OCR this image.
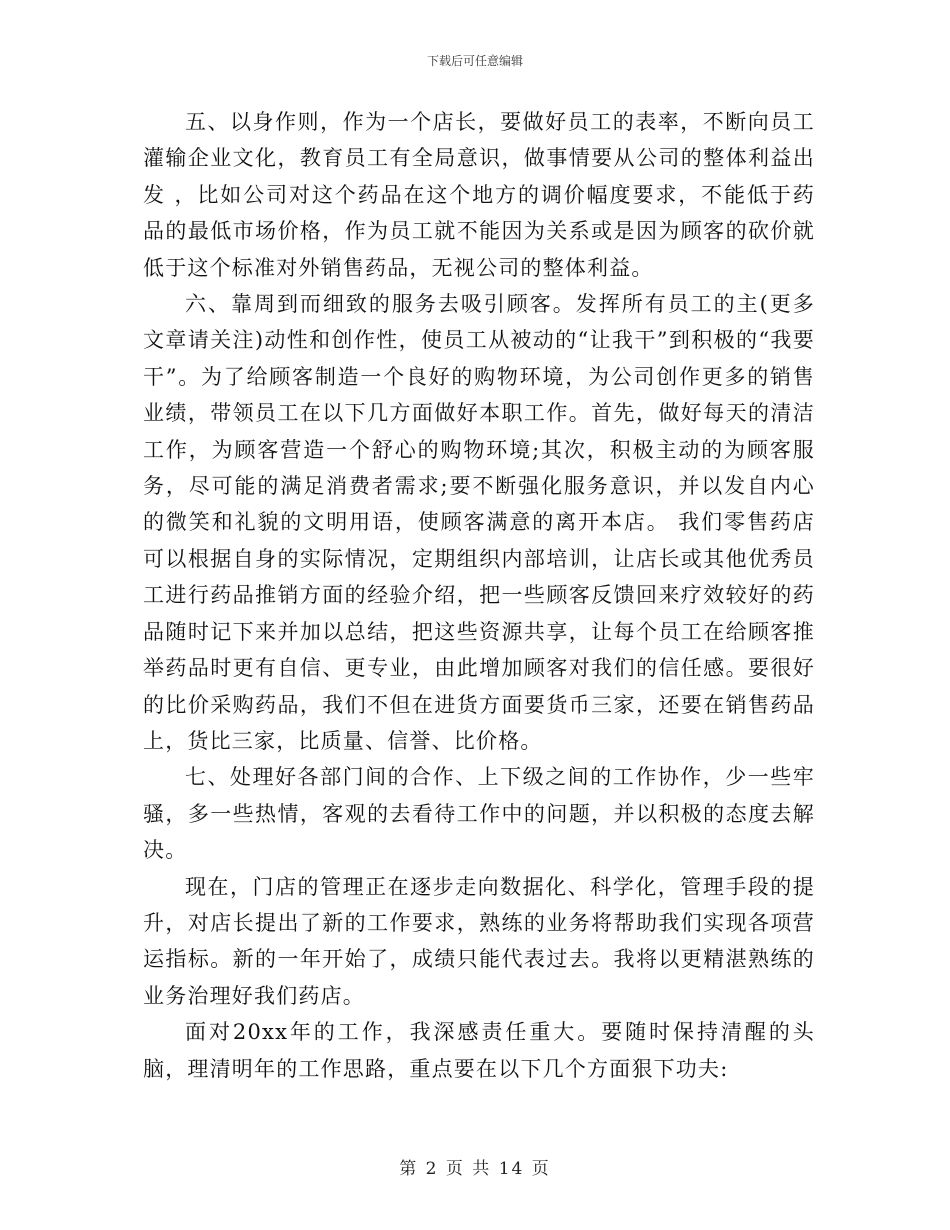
下载后可任意编辑

五、以身作则，作为一个店长，要做好员工的表率，不断向员工灌输企业文化，教育员工有全局意识，做事情要从公司的整体利益出发 ，比如公司对这个药品在这个地方的调价幅度要求，不能低于药品的最低市场价格，作为员工就不能因为关系或是因为顾客的砍价就低于这个标准对外销售药品，无视公司的整体利益。

六、靠周到而细致的服务去吸引顾客。发挥所有员工的主(更多文章请关注)动性和创作性，使员工从被动的“让我干”到积极的“我要干”。为了给顾客制造一个良好的购物环境，为公司创作更多的销售业绩，带领员工在以下几方面做好本职工作。首先，做好每天的清洁工作，为顾客营造一个舒心的购物环境;其次，积极主动的为顾客服务，尽可能的满足消费者需求;要不断强化服务意识，并以发自内心的微笑和礼貌的文明用语，使顾客满意的离开本店。 我们零售药店可以根据自身的实际情况，定期组织内部培训，让店长或其他优秀员工进行药品推销方面的经验介绍，把一些顾客反馈回来疗效较好的药品随时记下来并加以总结，把这些资源共享，让每个员工在给顾客推举药品时更有自信、更专业，由此增加顾客对我们的信任感。要很好的比价采购药品，我们不但在进货方面要货币三家，还要在销售药品上，货比三家，比质量、信誉、比价格。

七、处理好各部门间的合作、上下级之间的工作协作，少一些牢骚，多一些热情，客观的去看待工作中的问题，并以积极的态度去解决。

现在，门店的管理正在逐步走向数据化、科学化，管理手段的提升，对店长提出了新的工作要求，熟练的业务将帮助我们实现各项营运指标。新的一年开始了，成绩只能代表过去。我将以更精湛熟练的业务治理好我们药店。

面对20xx年的工作，我深感责任重大。要随时保持清醒的头脑，理清明年的工作思路，重点要在以下几个方面狠下功夫:

第 2 页 共 14 页
